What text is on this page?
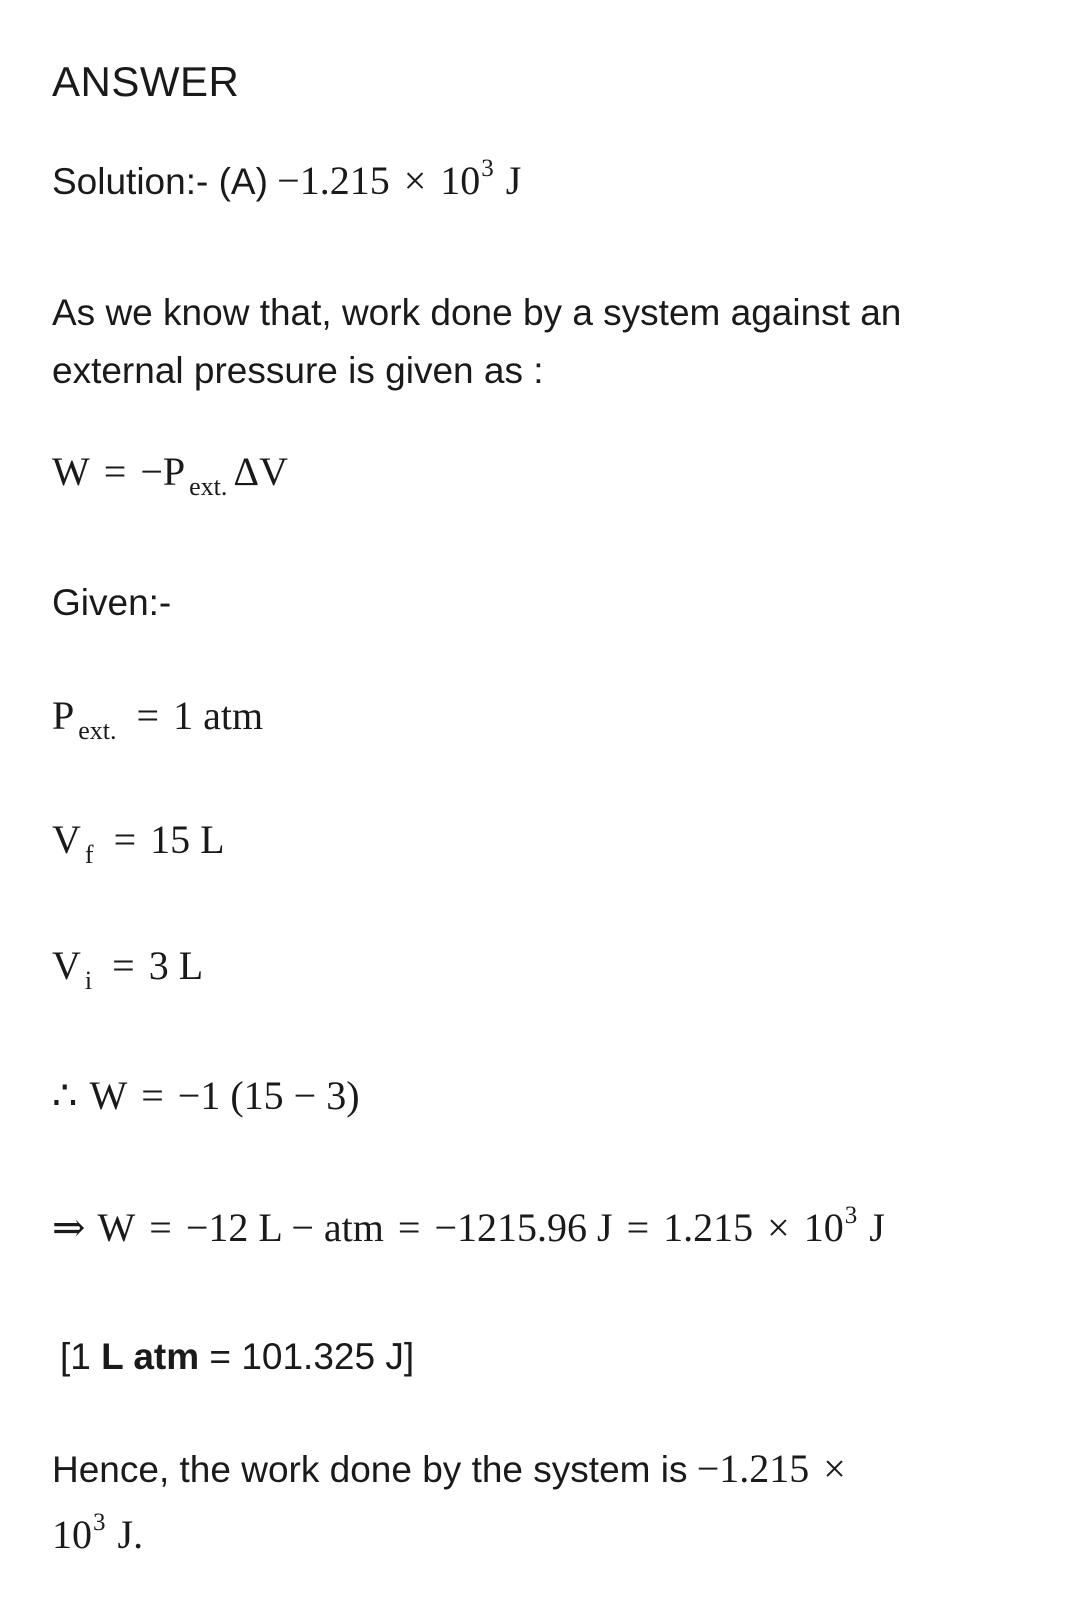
ANSWER
Solution:- $(A) -1.215 \times 10^3$ J
As we know that, work done by a system against an
external pressure is given as :
W = −P $_{ext.}$ ΔV
Given:-
P $_{ext.}$ = 1 atm
V $_f$ = 15 L
V $_i$ = 3 L
∴ W = −1 (15 − 3)
⇒ W = −12 L − atm = −1215.96 $J = 1.215 \times 10^3$ J
[1 L atm = 101.325 J]
Hence, the work done by the system is −1.215 ×
$10^3$ J.
